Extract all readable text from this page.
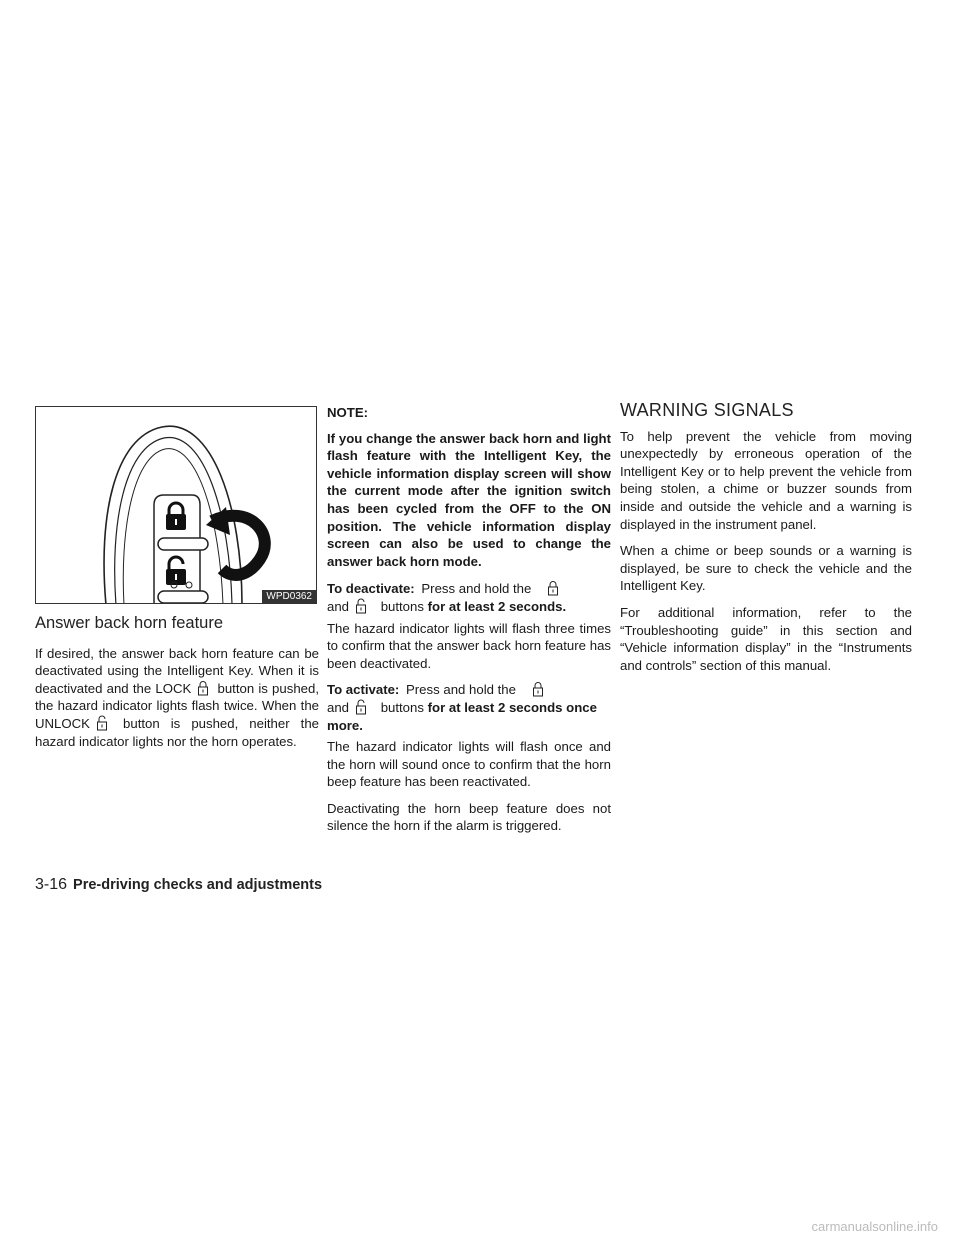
WPD0362
Answer back horn feature

If desired, the answer back horn feature can be deactivated using the Intelligent Key. When it is deactivated and the LOCK button is pushed, the hazard indicator lights flash twice. When the UNLOCK	button is pushed, neither the hazard indicator lights nor the horn operates.

NOTE:

If you change the answer back horn and light flash feature with the Intelligent Key, the vehicle information display screen will show the current mode after the ignition switch has been cycled from the OFF to the ON position. The vehicle information display screen can also be used to change the answer back horn mode.

To deactivate: Press and hold the

and buttons for at least 2 seconds.

The hazard indicator lights will flash three times to confirm that the answer back horn feature has been deactivated.

To activate: Press and hold the

and buttons for at least 2 seconds once more.

The hazard indicator lights will flash once and the horn will sound once to confirm that the horn beep feature has been reactivated.

Deactivating the horn beep feature does not silence the horn if the alarm is triggered.

WARNING SIGNALS

To help prevent the vehicle from moving unexpectedly by erroneous operation of the Intelligent Key or to help prevent the vehicle from being stolen, a chime or buzzer sounds from inside and outside the vehicle and a warning is displayed in the instrument panel.

When a chime or beep sounds or a warning is displayed, be sure to check the vehicle and the Intelligent Key.

For additional information, refer to the “Troubleshooting guide” in this section and “Vehicle information display” in the “Instruments and controls” section of this manual.

3-16 Pre-driving checks and adjustments
carmanualsonline.info
